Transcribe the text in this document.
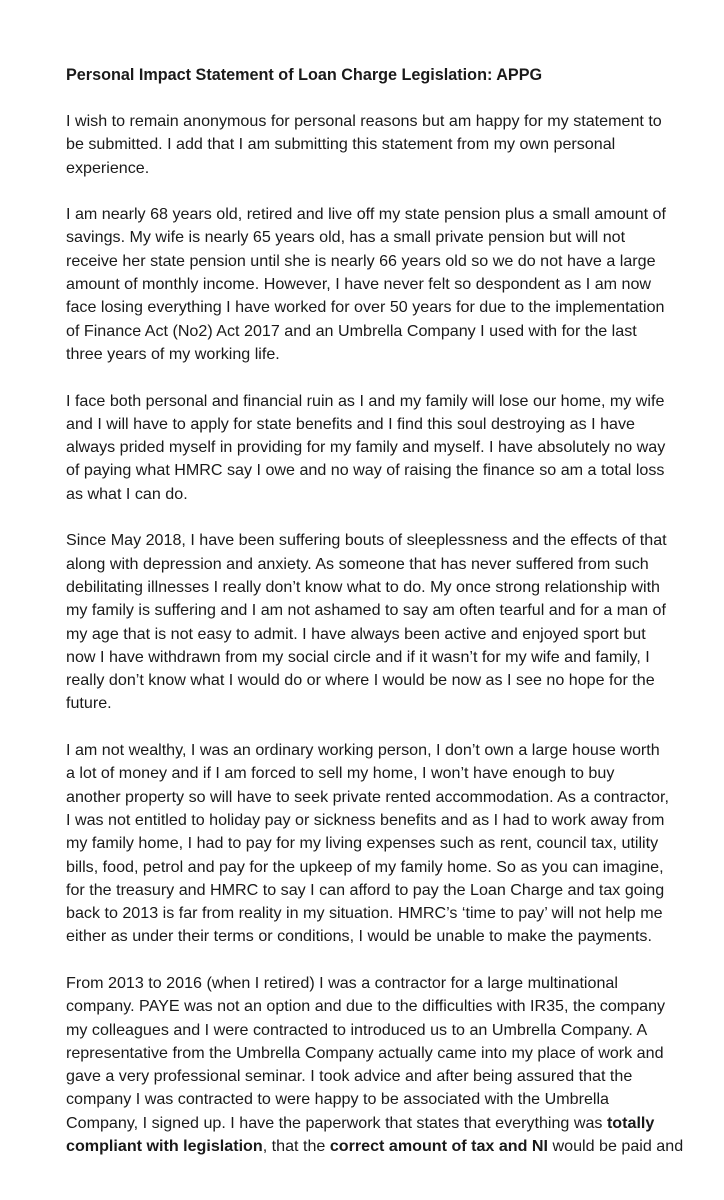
Personal Impact Statement of Loan Charge Legislation: APPG
I wish to remain anonymous for personal reasons but am happy for my statement to
be submitted. I add that I am submitting this statement from my own personal
experience.
I am nearly 68 years old, retired and live off my state pension plus a small amount of
savings. My wife is nearly 65 years old, has a small private pension but will not
receive her state pension until she is nearly 66 years old so we do not have a large
amount of monthly income. However, I have never felt so despondent as I am now
face losing everything I have worked for over 50 years for due to the implementation
of Finance Act (No2) Act 2017 and an Umbrella Company I used with for the last
three years of my working life.
I face both personal and financial ruin as I and my family will lose our home, my wife
and I will have to apply for state benefits and I find this soul destroying as I have
always prided myself in providing for my family and myself. I have absolutely no way
of paying what HMRC say I owe and no way of raising the finance so am a total loss
as what I can do.
Since May 2018, I have been suffering bouts of sleeplessness and the effects of that
along with depression and anxiety. As someone that has never suffered from such
debilitating illnesses I really don’t know what to do. My once strong relationship with
my family is suffering and I am not ashamed to say am often tearful and for a man of
my age that is not easy to admit. I have always been active and enjoyed sport but
now I have withdrawn from my social circle and if it wasn’t for my wife and family, I
really don’t know what I would do or where I would be now as I see no hope for the
future.
I am not wealthy, I was an ordinary working person, I don’t own a large house worth
a lot of money and if I am forced to sell my home, I won’t have enough to buy
another property so will have to seek private rented accommodation. As a contractor,
I was not entitled to holiday pay or sickness benefits and as I had to work away from
my family home, I had to pay for my living expenses such as rent, council tax, utility
bills, food, petrol and pay for the upkeep of my family home. So as you can imagine,
for the treasury and HMRC to say I can afford to pay the Loan Charge and tax going
back to 2013 is far from reality in my situation. HMRC’s ‘time to pay’ will not help me
either as under their terms or conditions, I would be unable to make the payments.
From 2013 to 2016 (when I retired) I was a contractor for a large multinational
company. PAYE was not an option and due to the difficulties with IR35, the company
my colleagues and I were contracted to introduced us to an Umbrella Company. A
representative from the Umbrella Company actually came into my place of work and
gave a very professional seminar. I took advice and after being assured that the
company I was contracted to were happy to be associated with the Umbrella
Company, I signed up. I have the paperwork that states that everything was totally
compliant with legislation, that the correct amount of tax and NI would be paid and
